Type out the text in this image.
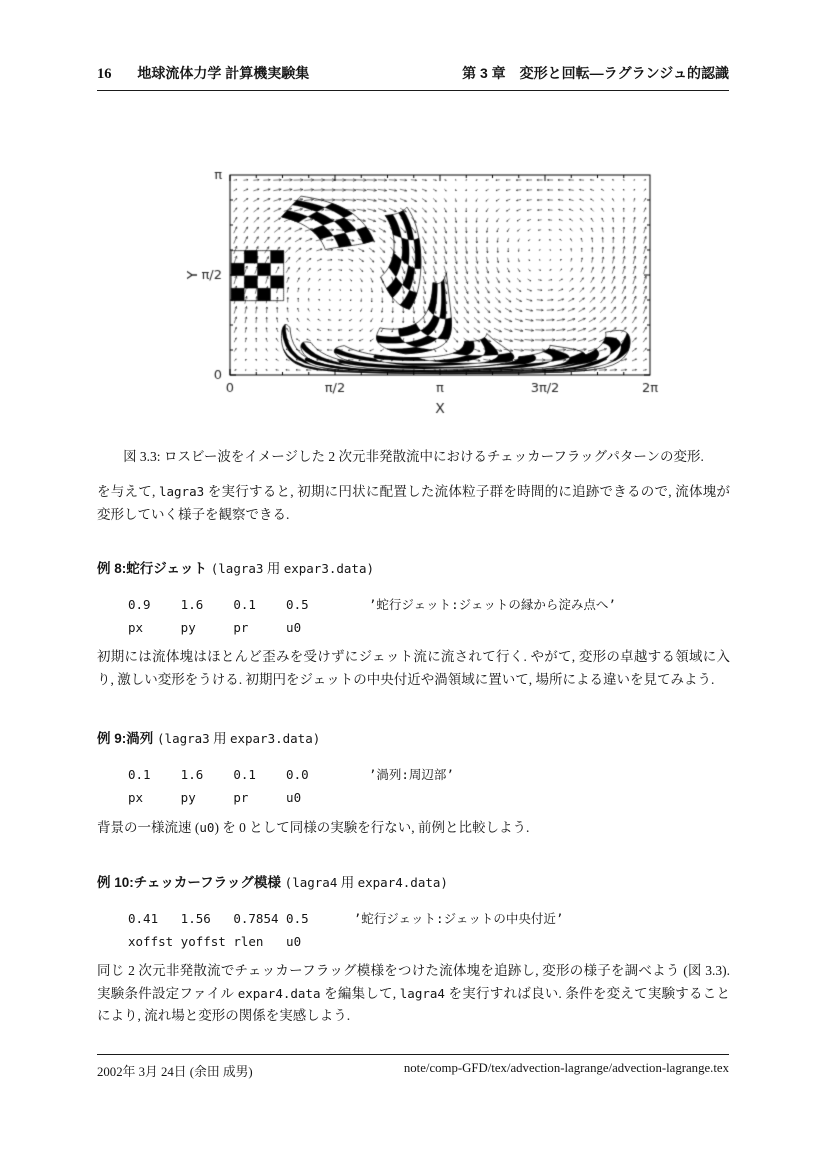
16 地球流体力学 計算機実験集	第 3 章　変形と回転—ラグランジュ的認識
図 3.3: ロスビー波をイメージした 2 次元非発散流中におけるチェッカーフラッグパターンの変形.
を与えて, lagra3 を実行すると, 初期に円状に配置した流体粒子群を時間的に追跡できるので, 流体塊が変形していく様子を観察できる.
例 8:蛇行ジェット (lagra3 用 expar3.data)
0.9    1.6    0.1    0.5        ’蛇行ジェット:ジェットの縁から淀み点へ’
px     py     pr     u0
初期には流体塊はほとんど歪みを受けずにジェット流に流されて行く. やがて, 変形の卓越する領域に入り, 激しい変形をうける. 初期円をジェットの中央付近や渦領域に置いて, 場所による違いを見てみよう.
例 9:渦列 (lagra3 用 expar3.data)
0.1    1.6    0.1    0.0        ’渦列:周辺部’
px     py     pr     u0
背景の一様流速 (u0) を 0 として同様の実験を行ない, 前例と比較しよう.
例 10:チェッカーフラッグ模様 (lagra4 用 expar4.data)
0.41   1.56   0.7854 0.5      ’蛇行ジェット:ジェットの中央付近’
xoffst yoffst rlen   u0
同じ 2 次元非発散流でチェッカーフラッグ模様をつけた流体塊を追跡し, 変形の様子を調べよう (図 3.3). 実験条件設定ファイル expar4.data を編集して, lagra4 を実行すれば良い. 条件を変えて実験することにより, 流れ場と変形の関係を実感しよう.
2002年 3月 24日 (余田 成男)	note/comp-GFD/tex/advection-lagrange/advection-lagrange.tex
